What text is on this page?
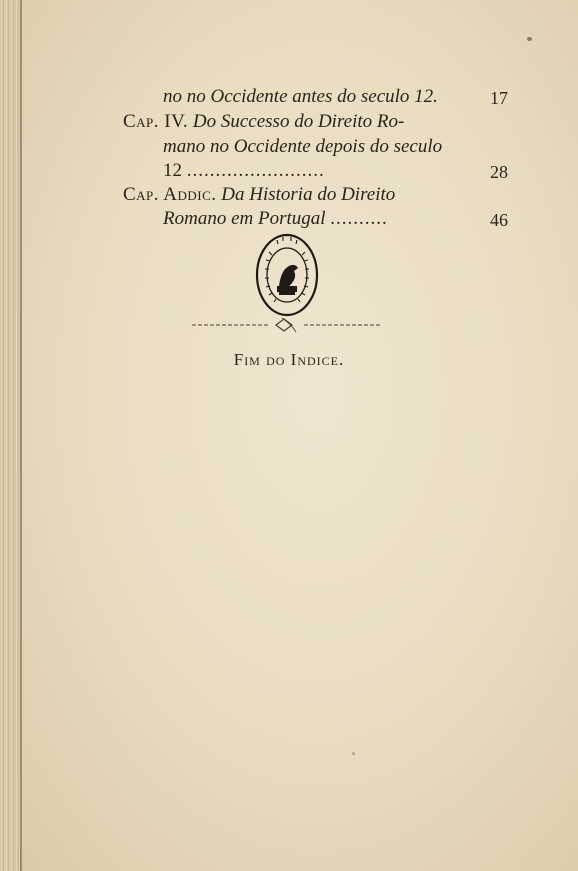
no no Occidente antes do seculo 12.	17
Cap. IV. Do Successo do Direito Ro-
mano no Occidente depois do seculo
12 ........................	28
Cap. Addic. Da Historia do Direito
Romano em Portugal ..........	46
Fim do Indice.
